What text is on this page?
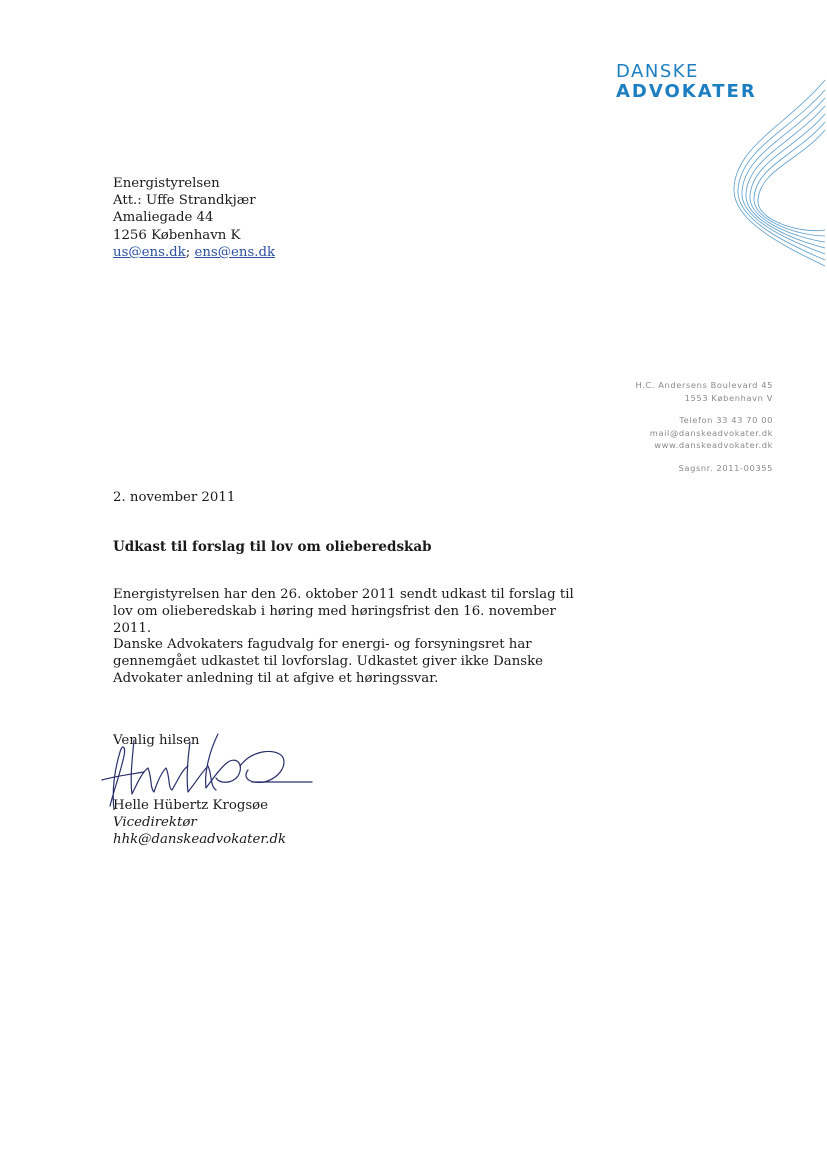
DANSKE
ADVOKATER
Energistyrelsen
Att.: Uffe Strandkjær
Amaliegade 44
1256 København K
us@ens.dk; ens@ens.dk
H.C. Andersens Boulevard 45
1553 København V
Telefon 33 43 70 00
mail@danskeadvokater.dk
www.danskeadvokater.dk
Sagsnr. 2011-00355
2. november 2011
Udkast til forslag til lov om olieberedskab
Energistyrelsen har den 26. oktober 2011 sendt udkast til forslag til lov om olieberedskab i høring med høringsfrist den 16. november 2011.
Danske Advokaters fagudvalg for energi- og forsyningsret har gennemgået udkastet til lovforslag. Udkastet giver ikke Danske Advokater anledning til at afgive et høringssvar.
Venlig hilsen
Helle Hübertz Krogsøe
Vicedirektør
hhk@danskeadvokater.dk
